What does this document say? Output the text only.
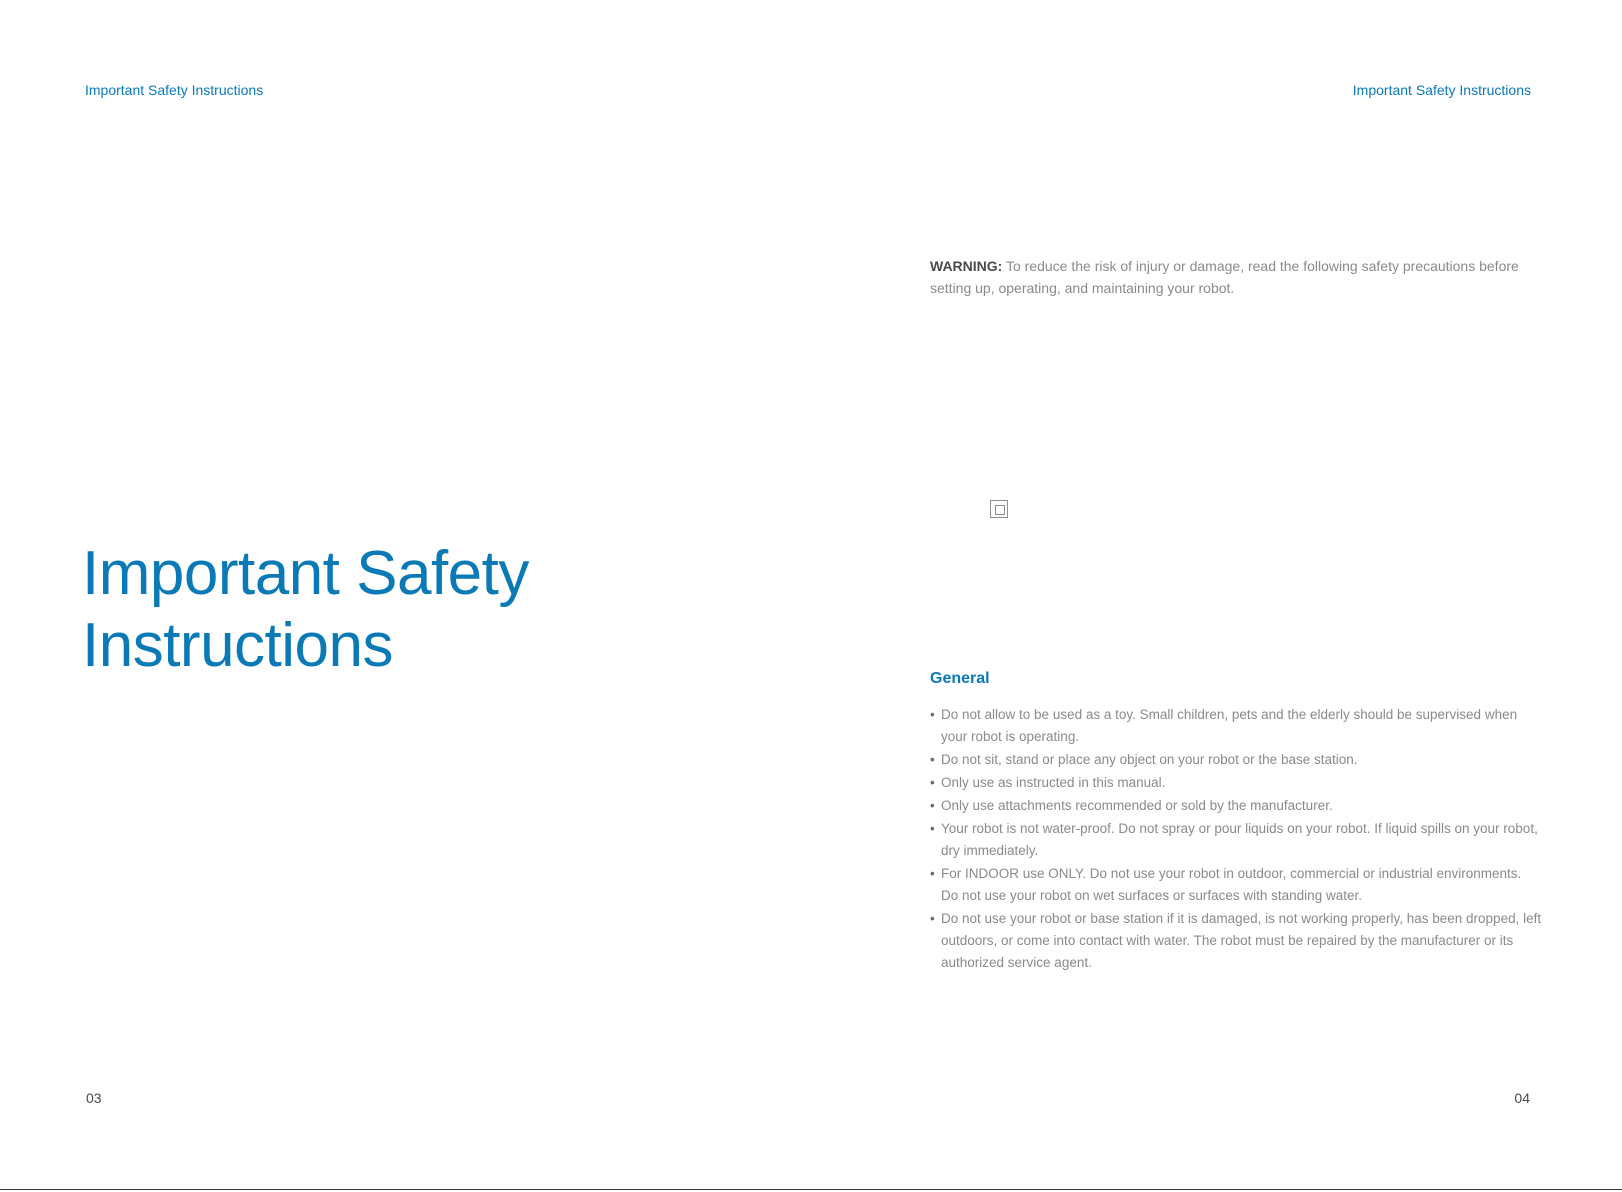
Important Safety Instructions
Important Safety
Instructions
03
Important Safety Instructions

WARNING: To reduce the risk of injury or damage, read the following safety precautions before setting up, operating, and maintaining your robot.

General
• Do not allow to be used as a toy. Small children, pets and the elderly should be supervised when your robot is operating.
• Do not sit, stand or place any object on your robot or the base station.
• Only use as instructed in this manual.
• Only use attachments recommended or sold by the manufacturer.
• Your robot is not water-proof. Do not spray or pour liquids on your robot. If liquid spills on your robot, dry immediately.
• For INDOOR use ONLY. Do not use your robot in outdoor, commercial or industrial environments. Do not use your robot on wet surfaces or surfaces with standing water.
• Do not use your robot or base station if it is damaged, is not working properly, has been dropped, left outdoors, or come into contact with water. The robot must be repaired by the manufacturer or its authorized service agent.
04
